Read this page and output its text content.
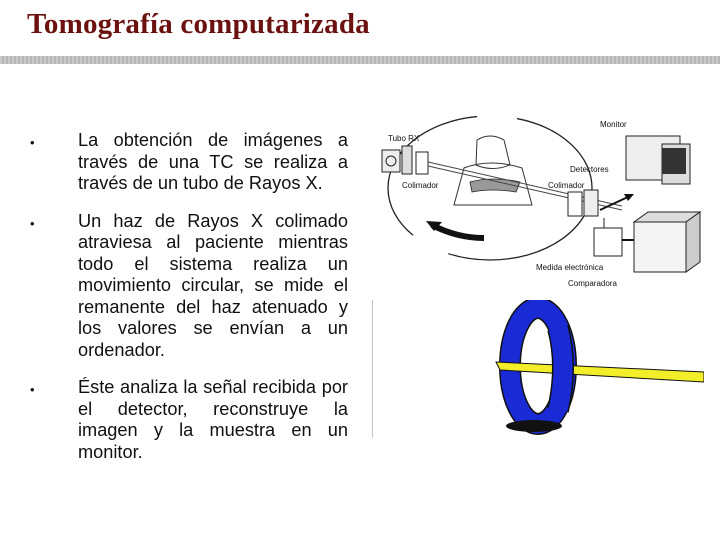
Tomografía computarizada
• La obtención de imágenes a través de una TC se realiza a través de un tubo de Rayos X.
• Un haz de Rayos X colimado atraviesa al paciente mientras todo el sistema realiza un movimiento circular, se mide el remanente del haz atenuado y los valores se envían a un ordenador.
• Éste analiza la señal recibida por el detector, reconstruye la imagen y la muestra en un monitor.
Tubo RX
Colimador	Colimador
Detectores
Monitor
Medida electrónica
Comparadora
